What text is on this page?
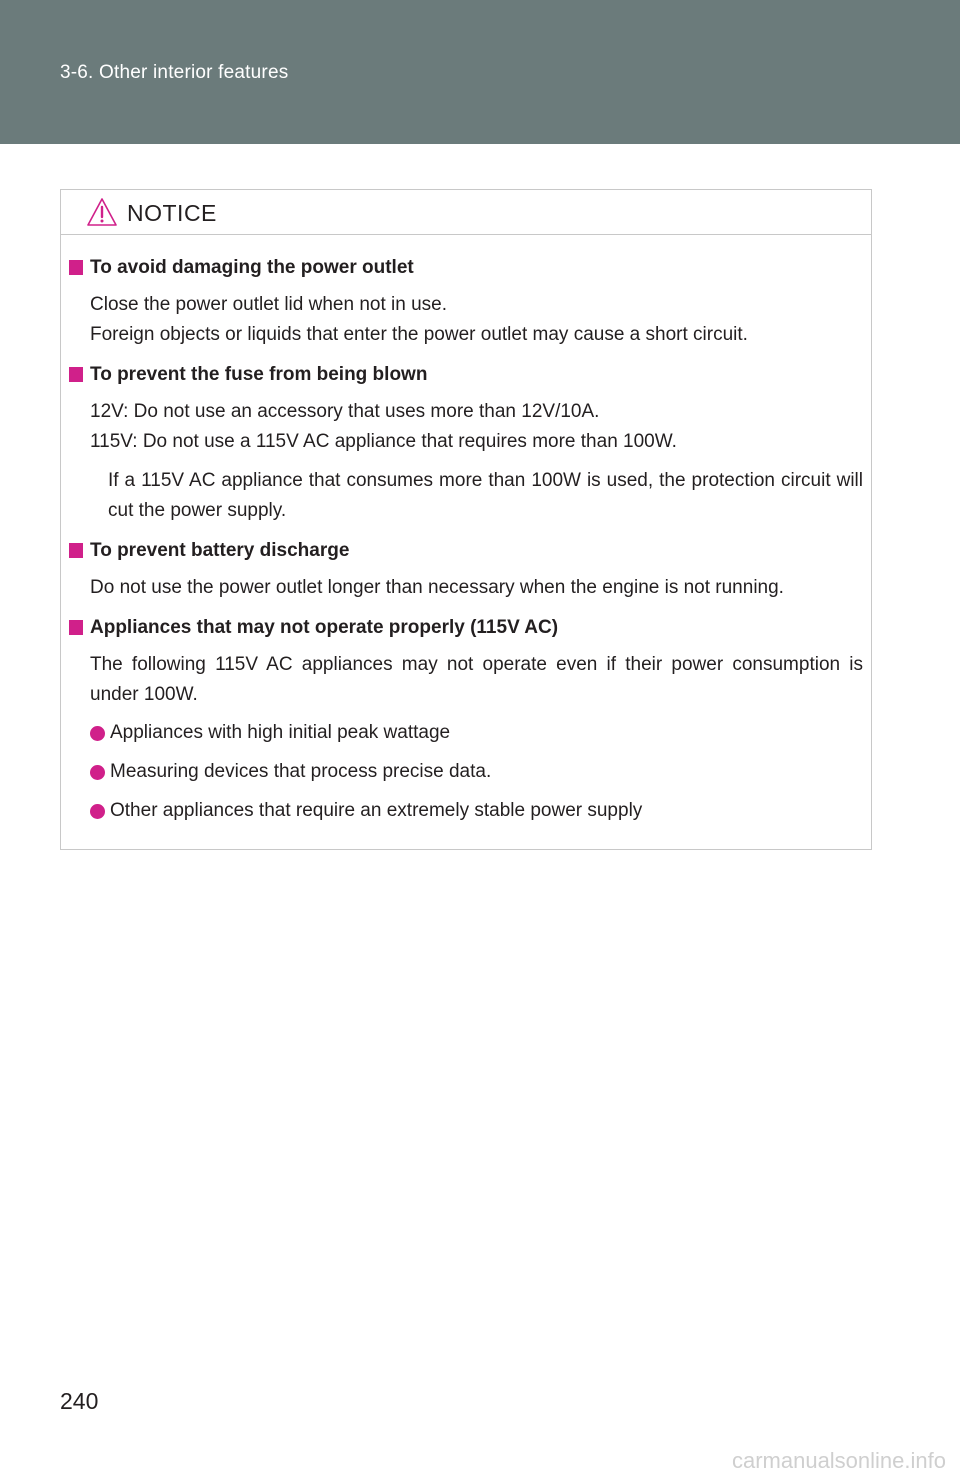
3-6. Other interior features
NOTICE
To avoid damaging the power outlet

Close the power outlet lid when not in use.

Foreign objects or liquids that enter the power outlet may cause a short circuit.

To prevent the fuse from being blown

12V: Do not use an accessory that uses more than 12V/10A.

115V: Do not use a 115V AC appliance that requires more than 100W.

If a 115V AC appliance that consumes more than 100W is used, the protection circuit will cut the power supply.

To prevent battery discharge

Do not use the power outlet longer than necessary when the engine is not running.

Appliances that may not operate properly (115V AC)

The following 115V AC appliances may not operate even if their power consumption is under 100W.

Appliances with high initial peak wattage
Measuring devices that process precise data.
Other appliances that require an extremely stable power supply
240
carmanualsonline.info
